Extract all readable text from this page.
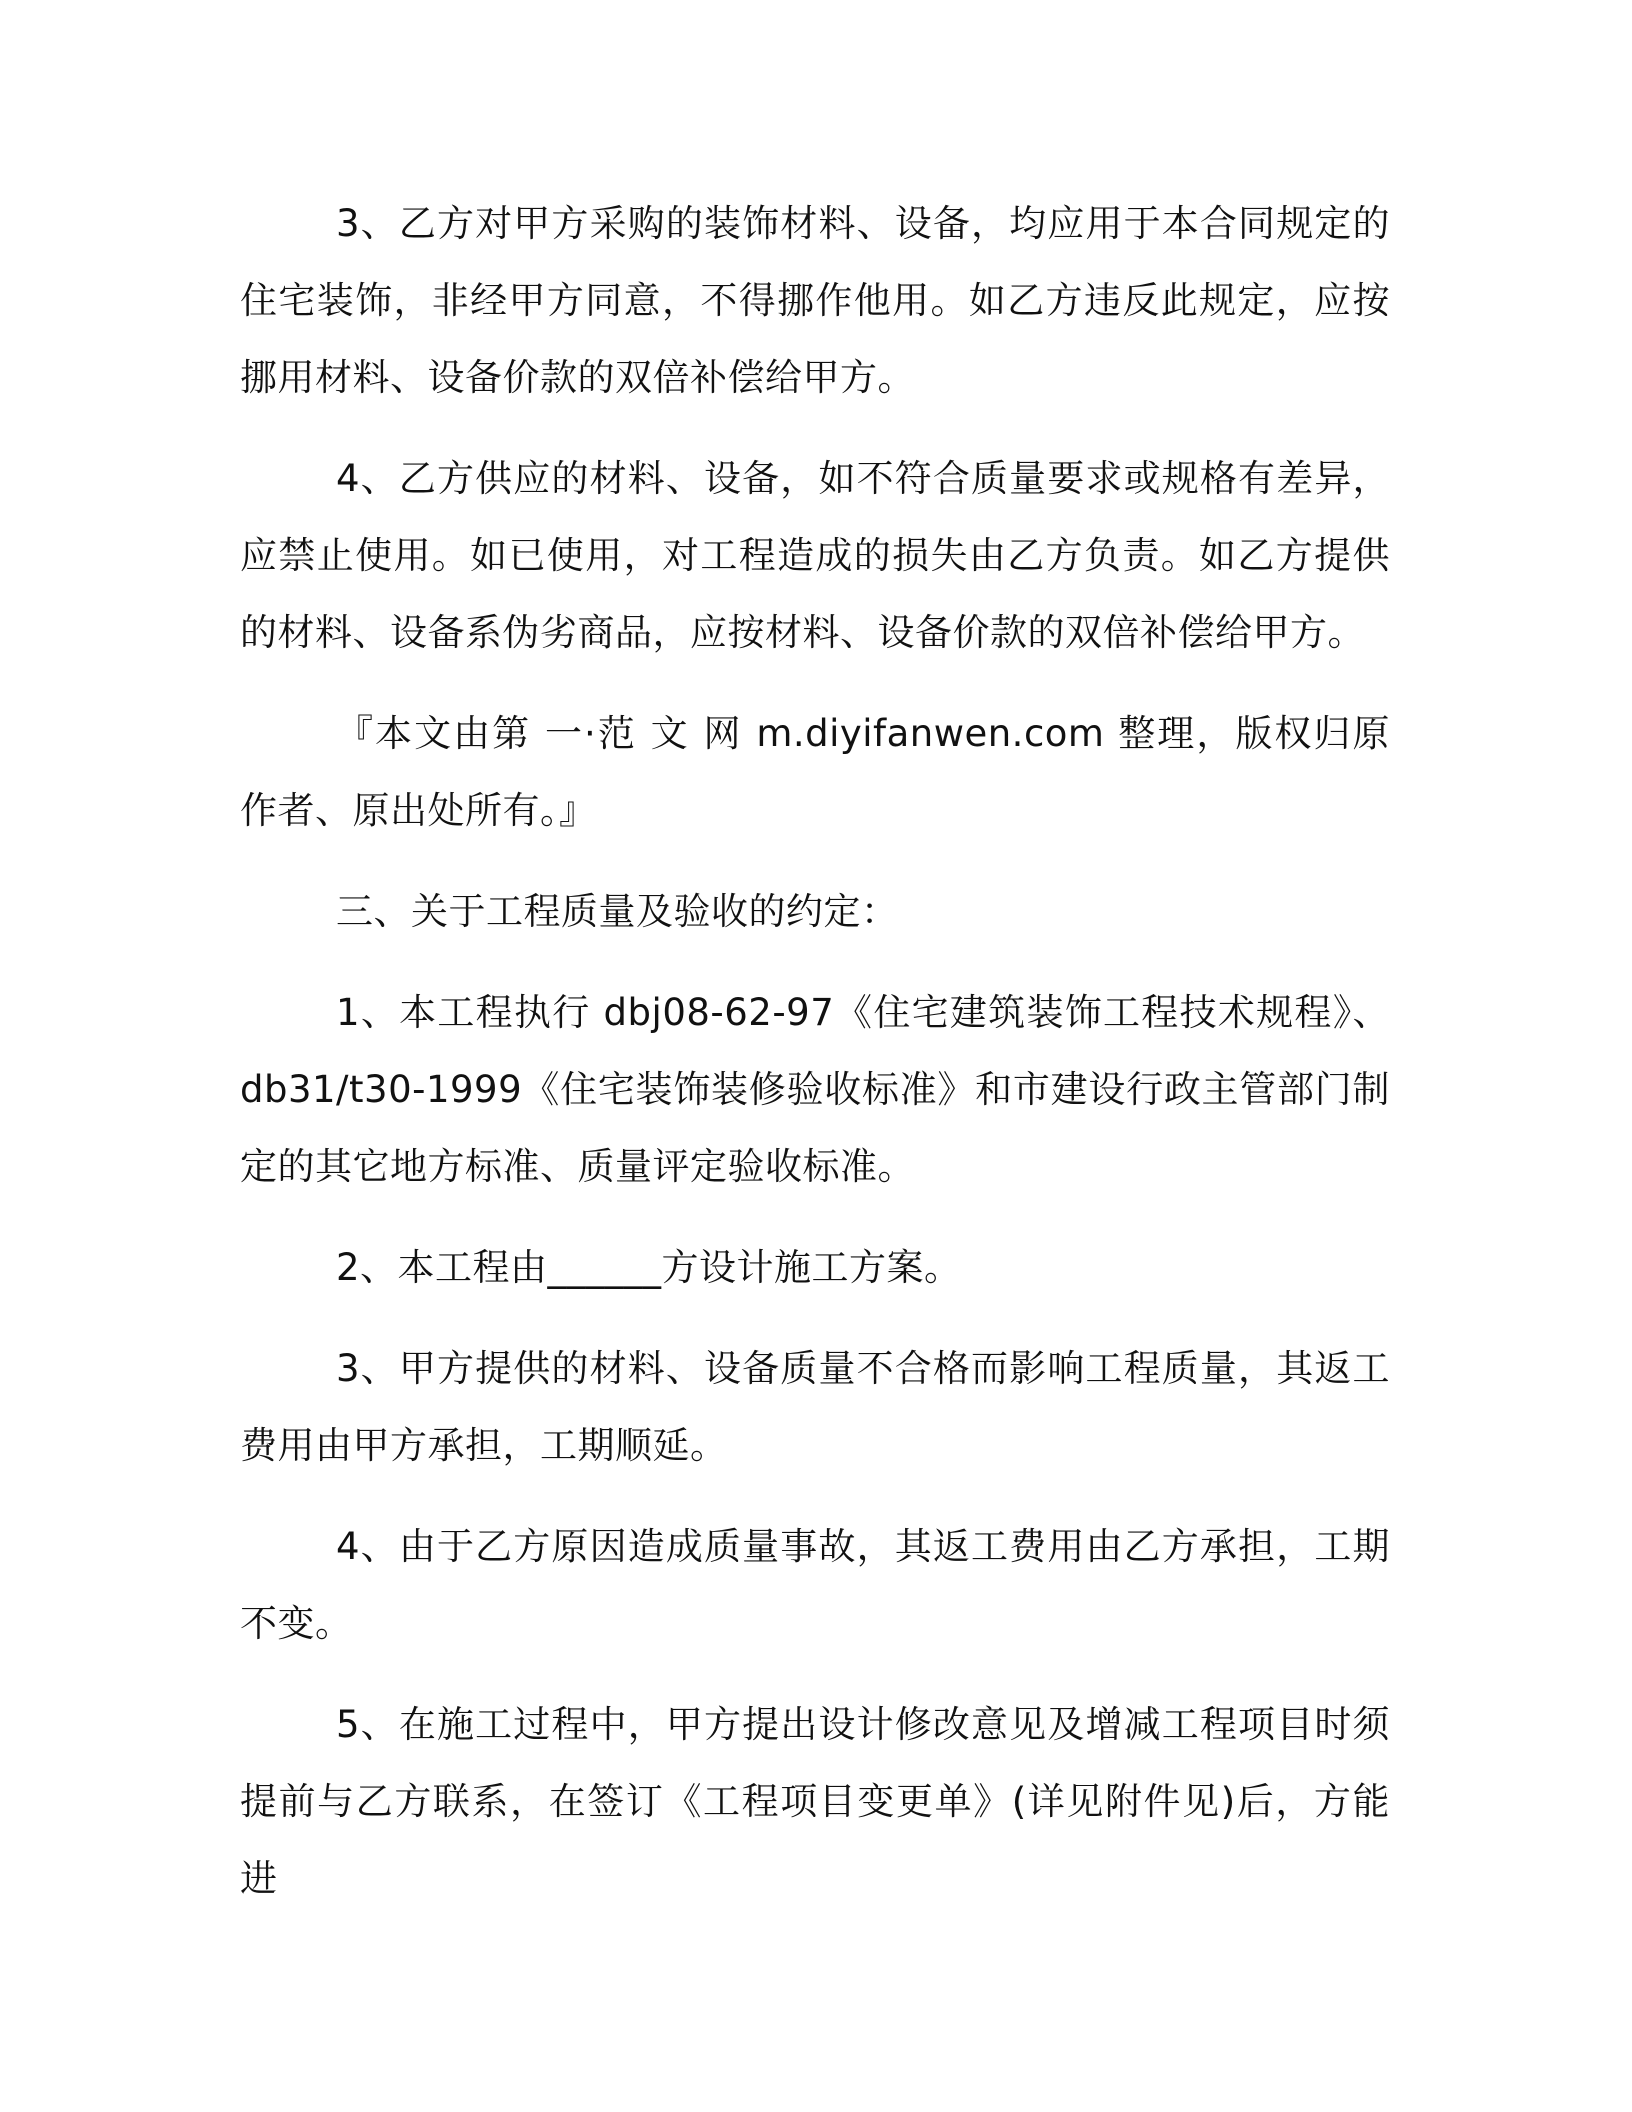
3、乙方对甲方采购的装饰材料、设备，均应用于本合同规定的住宅装饰，非经甲方同意，不得挪作他用。如乙方违反此规定，应按挪用材料、设备价款的双倍补偿给甲方。

4、乙方供应的材料、设备，如不符合质量要求或规格有差异，应禁止使用。如已使用，对工程造成的损失由乙方负责。如乙方提供的材料、设备系伪劣商品，应按材料、设备价款的双倍补偿给甲方。

『本文由第 一·范 文 网 m.diyifanwen.com 整理，版权归原作者、原出处所有。』

三、关于工程质量及验收的约定：

1、本工程执行 dbj08-62-97《住宅建筑装饰工程技术规程》、db31/t30-1999《住宅装饰装修验收标准》和市建设行政主管部门制定的其它地方标准、质量评定验收标准。

2、本工程由______方设计施工方案。

3、甲方提供的材料、设备质量不合格而影响工程质量，其返工费用由甲方承担，工期顺延。

4、由于乙方原因造成质量事故，其返工费用由乙方承担，工期不变。

5、在施工过程中，甲方提出设计修改意见及增减工程项目时须提前与乙方联系，在签订《工程项目变更单》(详见附件见)后，方能进
